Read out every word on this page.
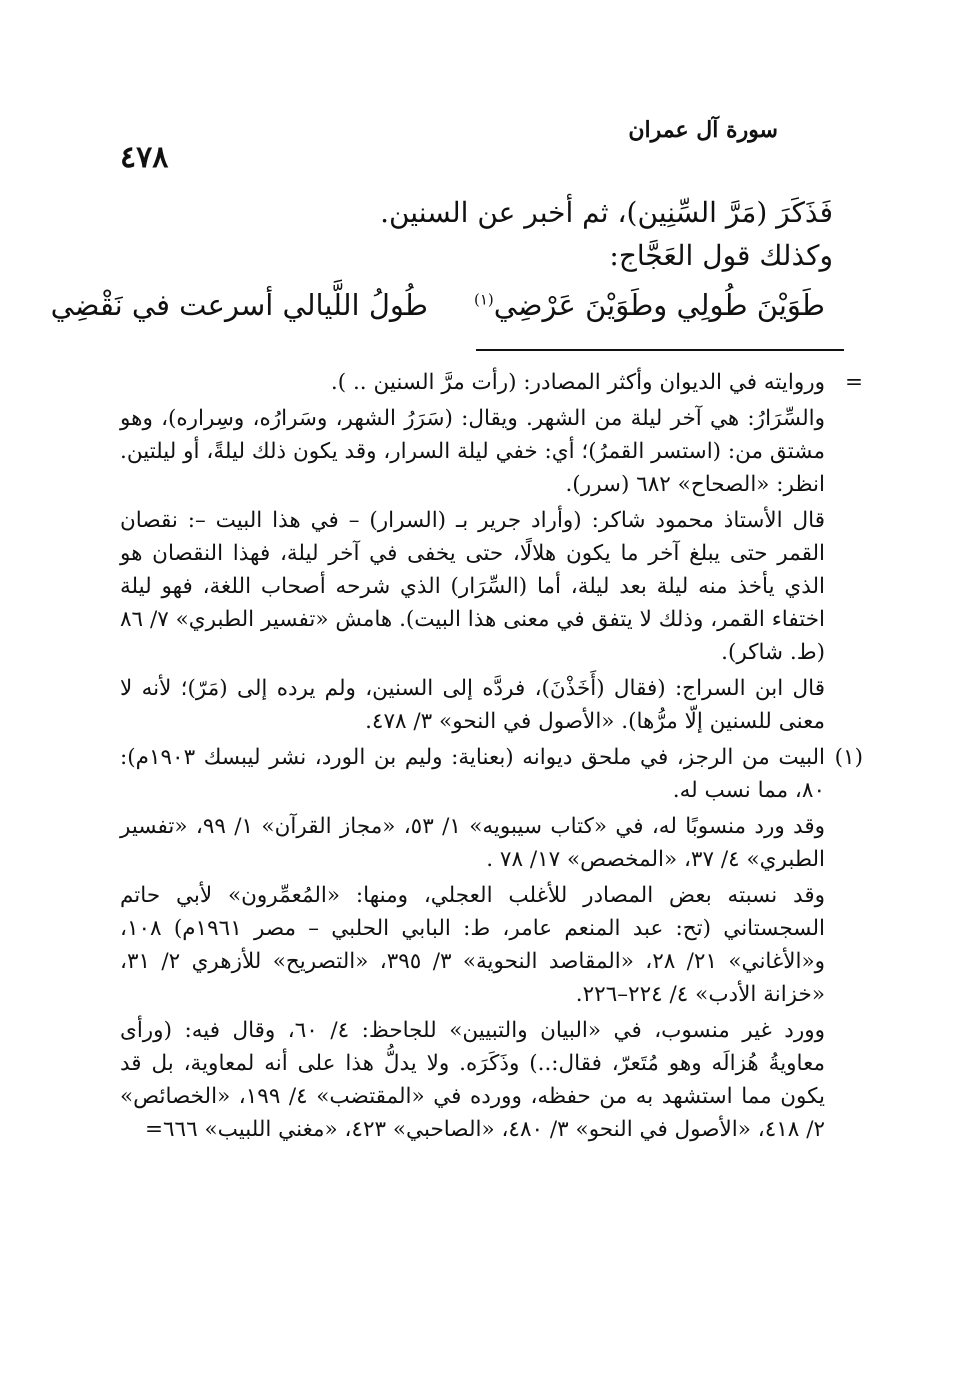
٤٧٨
سورة آل عمران

فَذَكَرَ (مَرَّ السِّنِين)، ثم أخبر عن السنين.

وكذلك قول العَجَّاج:

طَوَيْنَ طُولِي وطَوَيْنَ عَرْضِي$^{(١)}$طُولُ اللَّيالي أسرعت في نَقْضِي
=
وروايته في الديوان وأكثر المصادر: (رأت مرَّ السنين .. ).
والسِّرَارُ: هي آخر ليلة من الشهر. ويقال: (سَرَرُ الشهر، وسَرارُه، وسِراره)، وهو مشتق من: (استسر القمرُ)؛ أي: خفي ليلة السرار، وقد يكون ذلك ليلةً، أو ليلتين. انظر: «الصحاح» ٦٨٢ (سرر).
قال الأستاذ محمود شاكر: (وأراد جرير بـ (السرار) – في هذا البيت –: نقصان القمر حتى يبلغ آخر ما يكون هلالًا، حتى يخفى في آخر ليلة، فهذا النقصان هو الذي يأخذ منه ليلة بعد ليلة، أما (السِّرَار) الذي شرحه أصحاب اللغة، فهو ليلة اختفاء القمر، وذلك لا يتفق في معنى هذا البيت). هامش «تفسير الطبري» ٧/ ٨٦ (ط. شاكر).
قال ابن السراج: (فقال (أَخَذْنَ)، فردَّه إلى السنين، ولم يرده إلى (مَرّ)؛ لأنه لا معنى للسنين إلّا مرُّها). «الأصول في النحو» ٣/ ٤٧٨.
(١)
البيت من الرجز، في ملحق ديوانه (بعناية: وليم بن الورد، نشر ليبسك ١٩٠٣م): ٨٠، مما نسب له.
وقد ورد منسوبًا له، في «كتاب سيبويه» ١/ ٥٣، «مجاز القرآن» ١/ ٩٩، «تفسير الطبري» ٤/ ٣٧، «المخصص» ١٧/ ٧٨ .
وقد نسبته بعض المصادر للأغلب العجلي، ومنها: «المُعمِّرون» لأبي حاتم السجستاني (تح: عبد المنعم عامر، ط: البابي الحلبي – مصر ١٩٦١م) ١٠٨، و«الأغاني» ٢١/ ٢٨، «المقاصد النحوية» ٣/ ٣٩٥، «التصريح» للأزهري ٢/ ٣١، «خزانة الأدب» ٤/ ٢٢٤–٢٢٦.
وورد غير منسوب، في «البيان والتبيين» للجاحظ: ٤/ ٦٠، وقال فيه: (ورأى معاويةُ هُزالَه وهو مُتَعرّ، فقال:..) وذَكَرَه. ولا يدلُّ هذا على أنه لمعاوية، بل قد يكون مما استشهد به من حفظه، وورده في «المقتضب» ٤/ ١٩٩، «الخصائص» ٢/ ٤١٨، «الأصول في النحو» ٣/ ٤٨٠، «الصاحبي» ٤٢٣، «مغني اللبيب» ٦٦٦=
